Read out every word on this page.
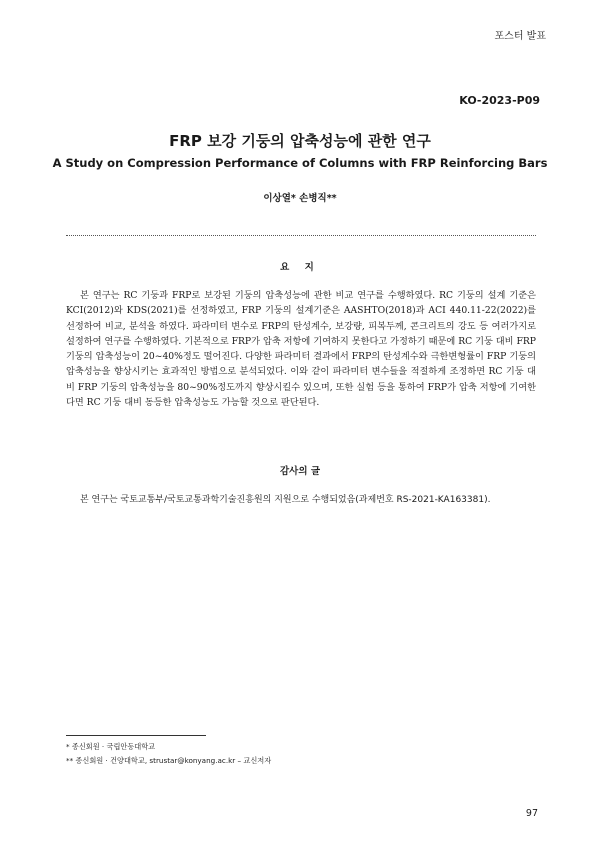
포스터 발표
KO-2023-P09
FRP 보강 기둥의 압축성능에 관한 연구
A Study on Compression Performance of Columns with FRP Reinforcing Bars
이상열* 손병직**
요 지
본 연구는 RC 기둥과 FRP로 보강된 기둥의 압축성능에 관한 비교 연구를 수행하였다. RC 기둥의 설계 기준은 KCI(2012)와 KDS(2021)를 선정하였고, FRP 기둥의 설계기준은 AASHTO(2018)과 ACI 440.11-22(2022)를 선정하여 비교, 분석을 하였다. 파라미터 변수로 FRP의 탄성계수, 보강량, 피복두께, 콘크리트의 강도 등 여러가지로 설정하여 연구를 수행하였다. 기본적으로 FRP가 압축 저항에 기여하지 못한다고 가정하기 때문에 RC 기둥 대비 FRP 기둥의 압축성능이 20~40%정도 떨어진다. 다양한 파라미터 결과에서 FRP의 탄성계수와 극한변형률이 FRP 기둥의 압축성능을 향상시키는 효과적인 방법으로 분석되었다. 이와 같이 파라미터 변수들을 적절하게 조정하면 RC 기둥 대비 FRP 기둥의 압축성능을 80~90%정도까지 향상시킬수 있으며, 또한 실험 등을 통하여 FRP가 압축 저항에 기여한다면 RC 기둥 대비 동등한 압축성능도 가능할 것으로 판단된다.
감사의 글
본 연구는 국토교통부/국토교통과학기술진흥원의 지원으로 수행되었음(과제번호 RS-2021-KA163381).
* 종신회원 · 국립안동대학교
** 종신회원 · 건양대학교, strustar@konyang.ac.kr – 교신저자
97
